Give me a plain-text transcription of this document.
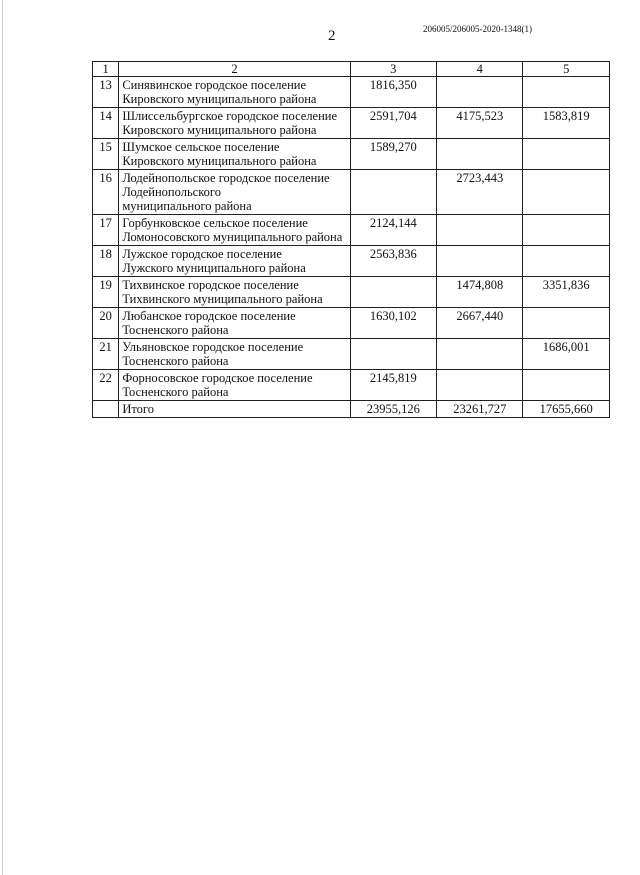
2	206005/206005-2020-1348(1)
1	2	3	4	5
13	Синявинское городское поселение
Кировского муниципального района	1816,350		
14	Шлиссельбургское городское поселение
Кировского муниципального района	2591,704	4175,523	1583,819
15	Шумское сельское поселение
Кировского муниципального района	1589,270		
16	Лодейнопольское городское поселение
Лодейнопольского
муниципального района		2723,443	
17	Горбунковское сельское поселение
Ломоносовского муниципального района	2124,144		
18	Лужское городское поселение
Лужского муниципального района	2563,836		
19	Тихвинское городское поселение
Тихвинского муниципального района		1474,808	3351,836
20	Любанское городское поселение
Тосненского района	1630,102	2667,440	
21	Ульяновское городское поселение
Тосненского района			1686,001
22	Форносовское городское поселение
Тосненского района	2145,819		
	Итого	23955,126	23261,727	17655,660
